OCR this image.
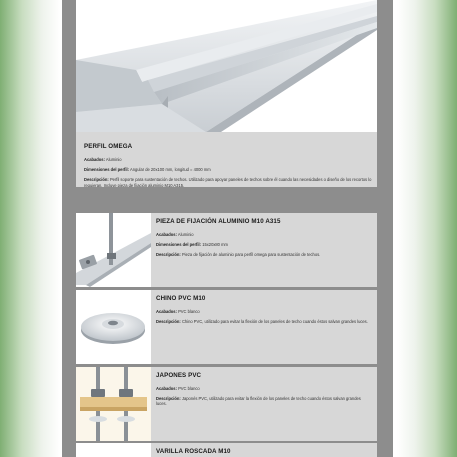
PERFIL OMEGA
Acabados: Aluminio
Dimensiones del perfil: Angular de 20x100 mm, longitud = 4000 mm
Descripción: Perfil soporte para sustentación de techos. Utilizado para apoyar paneles de techos sobre él cuando las necesidades o diseño de los recortos lo requieran. Incluye pieza de fijación aluminio M10 A315.
PIEZA DE FIJACIÓN ALUMINIO M10 A315
Acabados: Aluminio
Dimensiones del perfil: 15x20x80 mm
Descripción: Pieza de fijación de aluminio para perfil omega para sustentación de techos.
CHINO PVC M10
Acabados: PVC blanco
Descripción: Chino PVC, utilizado para evitar la flexión de los paneles de techo cuando éstos salvan grandes luces.
JAPONES PVC
Acabados: PVC blanco
Descripción: Japonés PVC, utilizado para evitar la flexión de los paneles de techo cuando éstos salvan grandes luces.
VARILLA ROSCADA M10
